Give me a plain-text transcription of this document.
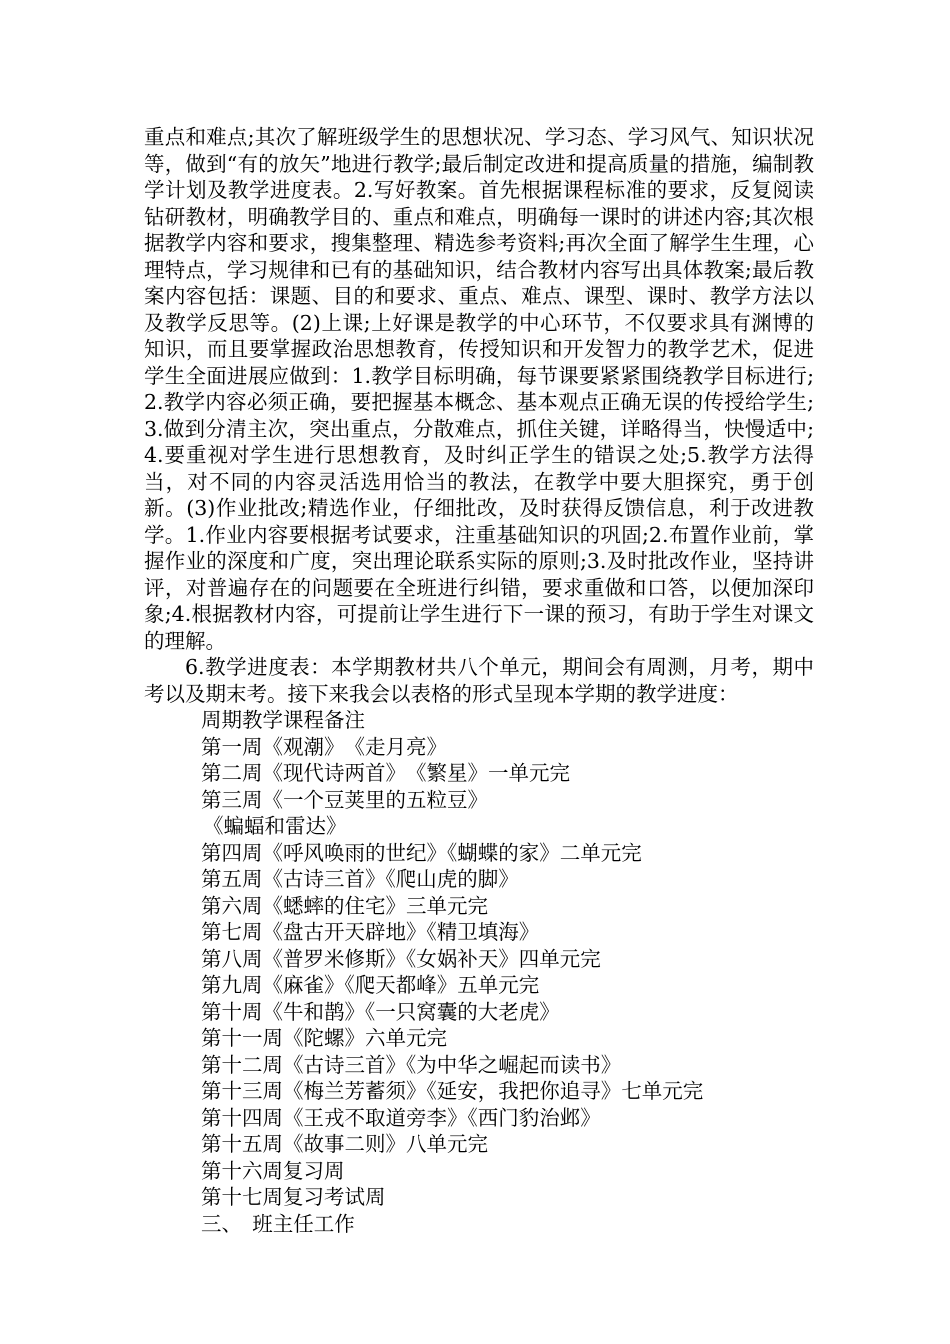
重点和难点;其次了解班级学生的思想状况、学习态、学习风气、知识状况等，做到“有的放矢”地进行教学;最后制定改进和提高质量的措施，编制教学计划及教学进度表。2.写好教案。首先根据课程标准的要求，反复阅读钻研教材，明确教学目的、重点和难点，明确每一课时的讲述内容;其次根据教学内容和要求，搜集整理、精选参考资料;再次全面了解学生生理，心理特点，学习规律和已有的基础知识，结合教材内容写出具体教案;最后教案内容包括：课题、目的和要求、重点、难点、课型、课时、教学方法以及教学反思等。(2)上课;上好课是教学的中心环节，不仅要求具有渊博的知识，而且要掌握政治思想教育，传授知识和开发智力的教学艺术，促进学生全面进展应做到：1.教学目标明确，每节课要紧紧围绕教学目标进行;2.教学内容必须正确，要把握基本概念、基本观点正确无误的传授给学生;3.做到分清主次，突出重点，分散难点，抓住关键，详略得当，快慢适中;4.要重视对学生进行思想教育，及时纠正学生的错误之处;5.教学方法得当，对不同的内容灵活选用恰当的教法，在教学中要大胆探究，勇于创新。(3)作业批改;精选作业，仔细批改，及时获得反馈信息，利于改进教学。1.作业内容要根据考试要求，注重基础知识的巩固;2.布置作业前，掌握作业的深度和广度，突出理论联系实际的原则;3.及时批改作业，坚持讲评，对普遍存在的问题要在全班进行纠错，要求重做和口答，以便加深印象;4.根据教材内容，可提前让学生进行下一课的预习，有助于学生对课文的理解。

6.教学进度表：本学期教材共八个单元，期间会有周测，月考，期中考以及期末考。接下来我会以表格的形式呈现本学期的教学进度：

周期教学课程备注
第一周《观潮》　《走月亮》
第二周《现代诗两首》　《繁星》一单元完
第三周《一个豆荚里的五粒豆》
《蝙蝠和雷达》
第四周《呼风唤雨的世纪》《蝴蝶的家》二单元完
第五周《古诗三首》《爬山虎的脚》
第六周《蟋蟀的住宅》三单元完
第七周《盘古开天辟地》《精卫填海》
第八周《普罗米修斯》《女娲补天》四单元完
第九周《麻雀》《爬天都峰》五单元完
第十周《牛和鹊》《一只窝囊的大老虎》
第十一周《陀螺》六单元完
第十二周《古诗三首》《为中华之崛起而读书》
第十三周《梅兰芳蓄须》《延安，我把你追寻》七单元完
第十四周《王戎不取道旁李》《西门豹治邺》
第十五周《故事二则》八单元完
第十六周复习周
第十七周复习考试周
三、　班主任工作
